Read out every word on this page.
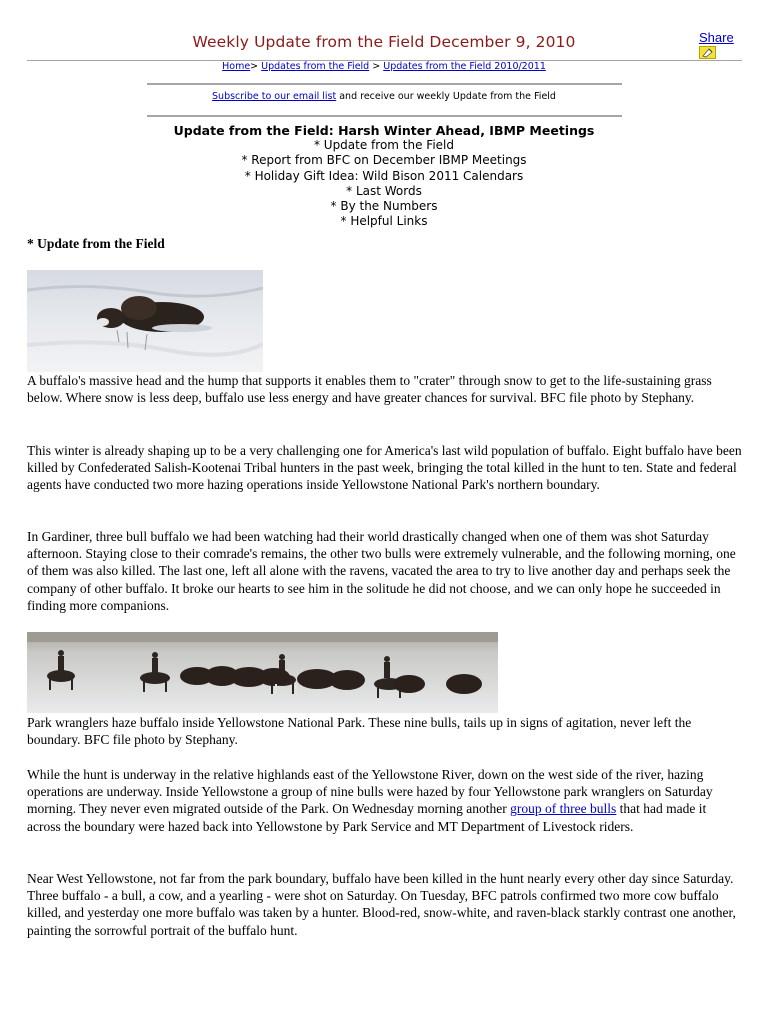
Share
Weekly Update from the Field December 9, 2010
Home> Updates from the Field > Updates from the Field 2010/2011
Subscribe to our email list and receive our weekly Update from the Field
Update from the Field: Harsh Winter Ahead, IBMP Meetings
* Update from the Field
* Report from BFC on December IBMP Meetings
* Holiday Gift Idea: Wild Bison 2011 Calendars
* Last Words
* By the Numbers
* Helpful Links
* Update from the Field
A buffalo's massive head and the hump that supports it enables them to "crater" through snow to get to the life-sustaining grass below. Where snow is less deep, buffalo use less energy and have greater chances for survival. BFC file photo by Stephany.
This winter is already shaping up to be a very challenging one for America's last wild population of buffalo. Eight buffalo have been killed by Confederated Salish-Kootenai Tribal hunters in the past week, bringing the total killed in the hunt to ten. State and federal agents have conducted two more hazing operations inside Yellowstone National Park's northern boundary.
In Gardiner, three bull buffalo we had been watching had their world drastically changed when one of them was shot Saturday afternoon. Staying close to their comrade's remains, the other two bulls were extremely vulnerable, and the following morning, one of them was also killed. The last one, left all alone with the ravens, vacated the area to try to live another day and perhaps seek the company of other buffalo. It broke our hearts to see him in the solitude he did not choose, and we can only hope he succeeded in finding more companions.
Park wranglers haze buffalo inside Yellowstone National Park. These nine bulls, tails up in signs of agitation, never left the boundary. BFC file photo by Stephany.
While the hunt is underway in the relative highlands east of the Yellowstone River, down on the west side of the river, hazing operations are underway. Inside Yellowstone a group of nine bulls were hazed by four Yellowstone park wranglers on Saturday morning. They never even migrated outside of the Park. On Wednesday morning another group of three bulls that had made it across the boundary were hazed back into Yellowstone by Park Service and MT Department of Livestock riders.
Near West Yellowstone, not far from the park boundary, buffalo have been killed in the hunt nearly every other day since Saturday. Three buffalo - a bull, a cow, and a yearling - were shot on Saturday. On Tuesday, BFC patrols confirmed two more cow buffalo killed, and yesterday one more buffalo was taken by a hunter. Blood-red, snow-white, and raven-black starkly contrast one another, painting the sorrowful portrait of the buffalo hunt.
